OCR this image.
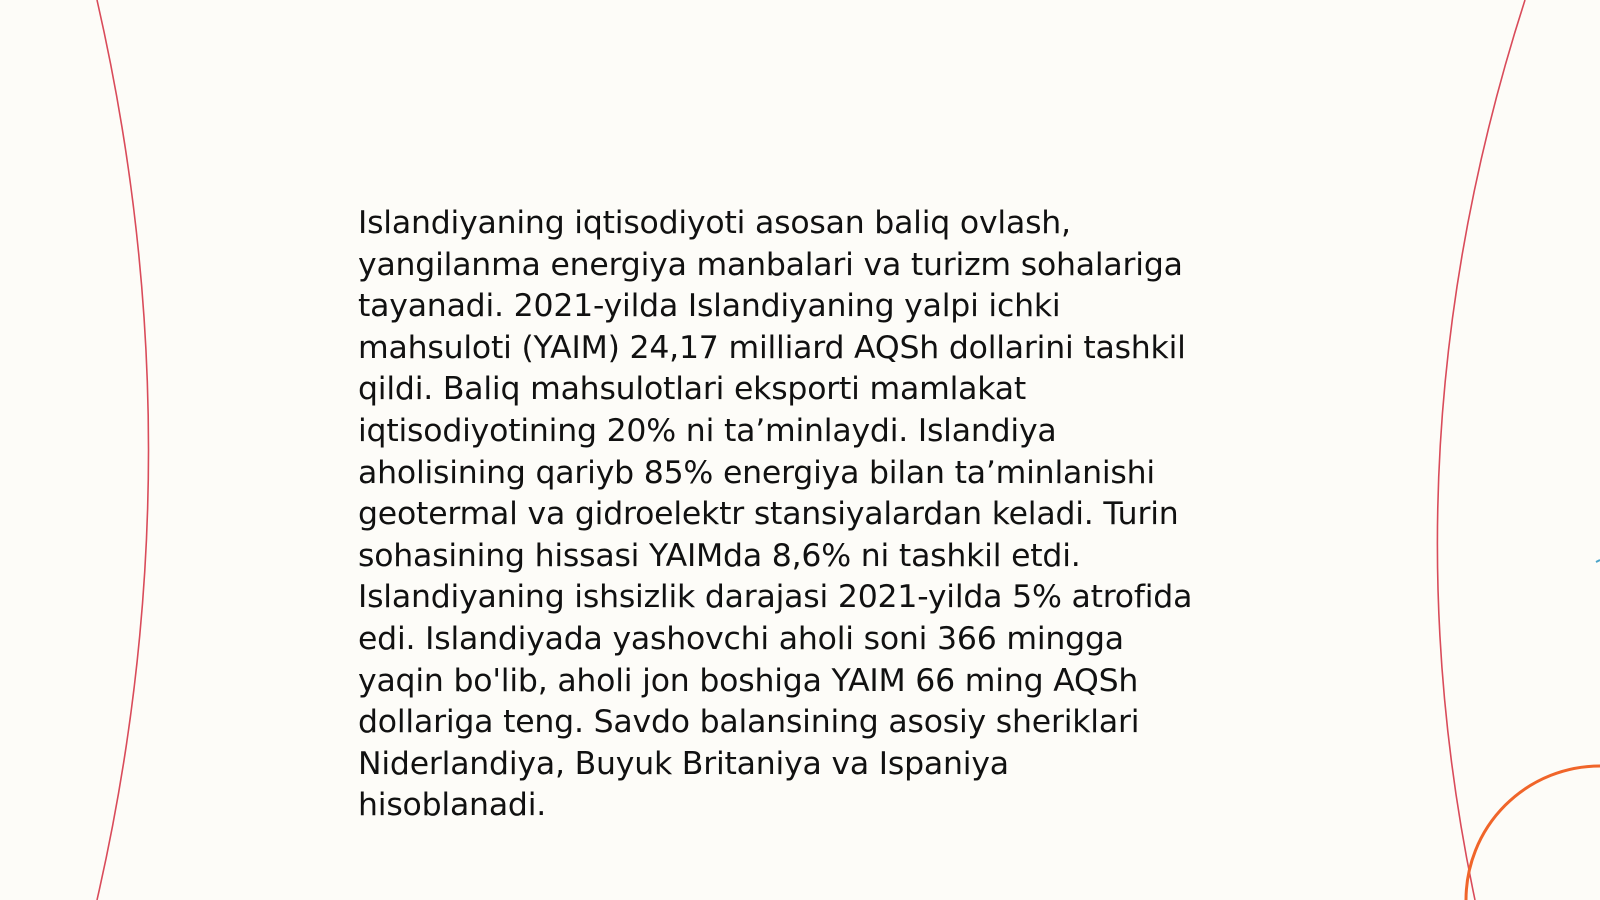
Islandiyaning iqtisodiyoti asosan baliq ovlash,
yangilanma energiya manbalari va turizm sohalariga
tayanadi. 2021-yilda Islandiyaning yalpi ichki
mahsuloti (YAIM) 24,17 milliard AQSh dollarini tashkil
qildi. Baliq mahsulotlari eksporti mamlakat
iqtisodiyotining 20% ni ta’minlaydi. Islandiya
aholisining qariyb 85% energiya bilan ta’minlanishi
geotermal va gidroelektr stansiyalardan keladi. Turin
sohasining hissasi YAIMda 8,6% ni tashkil etdi.
Islandiyaning ishsizlik darajasi 2021-yilda 5% atrofida
edi. Islandiyada yashovchi aholi soni 366 mingga
yaqin bo'lib, aholi jon boshiga YAIM 66 ming AQSh
dollariga teng. Savdo balansining asosiy sheriklari
Niderlandiya, Buyuk Britaniya va Ispaniya
hisoblanadi.
